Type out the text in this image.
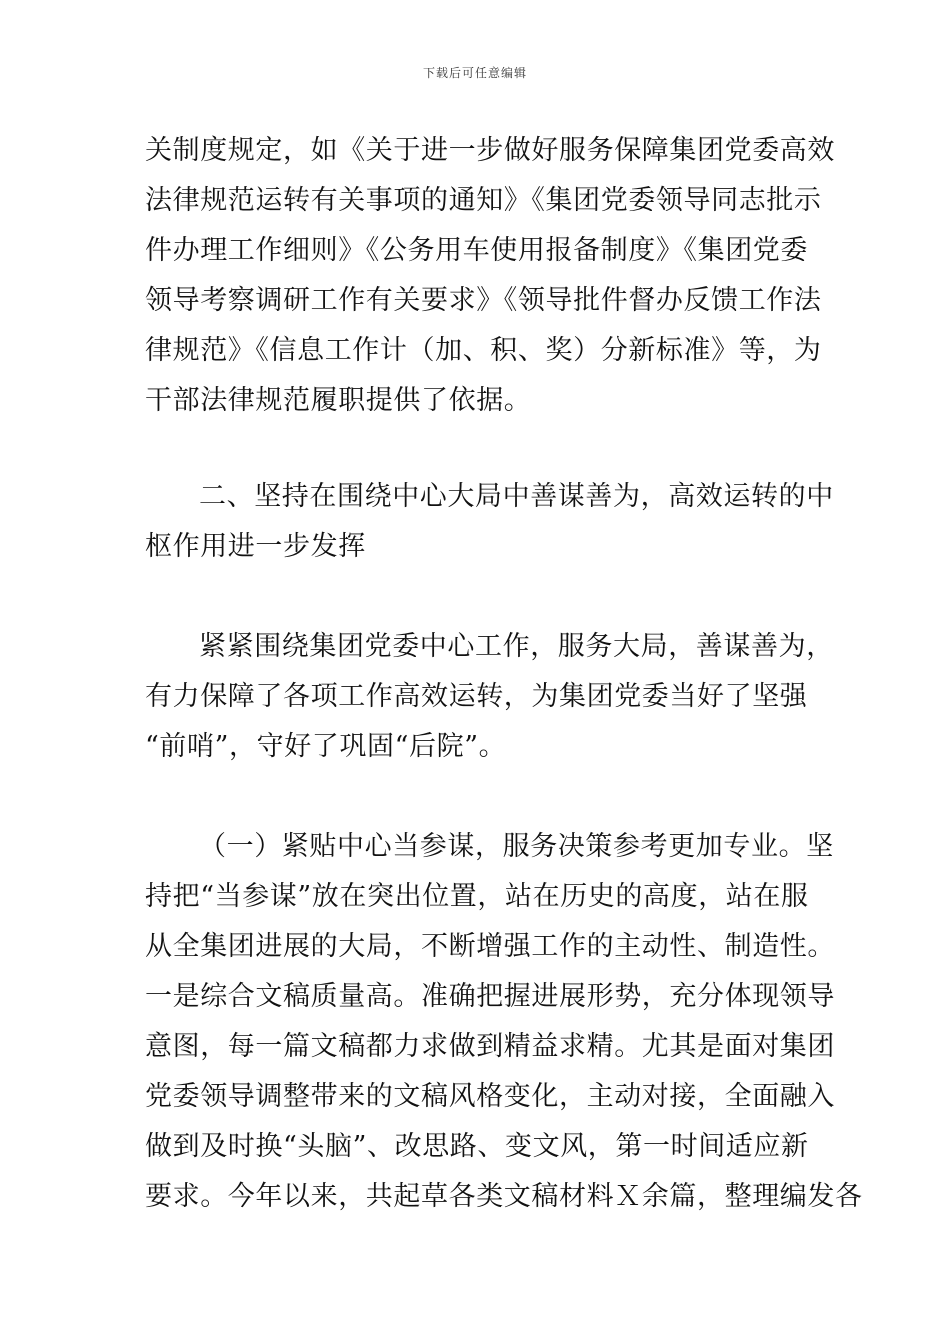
下载后可任意编辑
关制度规定，如《关于进一步做好服务保障集团党委高效
法律规范运转有关事项的通知》《集团党委领导同志批示
件办理工作细则》《公务用车使用报备制度》《集团党委
领导考察调研工作有关要求》《领导批件督办反馈工作法
律规范》《信息工作计（加、积、奖）分新标准》等，为
干部法律规范履职提供了依据。
二、坚持在围绕中心大局中善谋善为，高效运转的中
枢作用进一步发挥
紧紧围绕集团党委中心工作，服务大局，善谋善为，
有力保障了各项工作高效运转，为集团党委当好了坚强
“前哨”，守好了巩固“后院”。
（一）紧贴中心当参谋，服务决策参考更加专业。坚
持把“当参谋”放在突出位置，站在历史的高度，站在服
从全集团进展的大局，不断增强工作的主动性、制造性。
一是综合文稿质量高。准确把握进展形势，充分体现领导
意图，每一篇文稿都力求做到精益求精。尤其是面对集团
党委领导调整带来的文稿风格变化，主动对接，全面融入
做到及时换“头脑”、改思路、变文风，第一时间适应新
要求。今年以来，共起草各类文稿材料Ｘ余篇，整理编发各
